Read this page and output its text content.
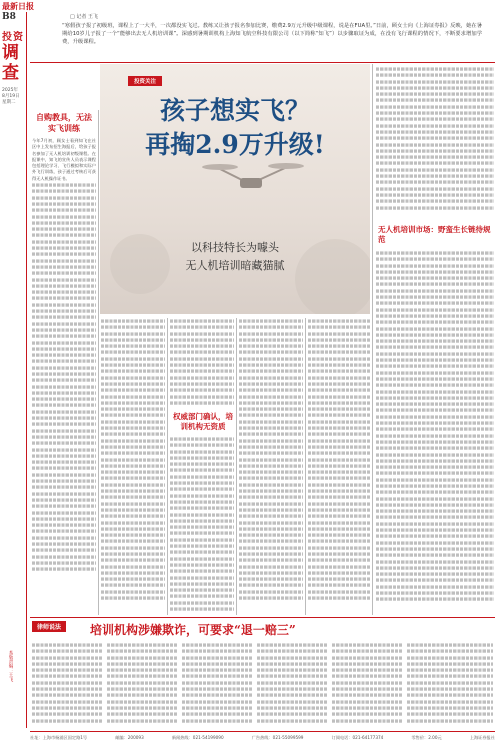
最新日报
B8
投资
调
查
2025年
8月19日
星期二
□ 记者 王飞
“寒假孩子报了初级班，课程上了一大半，一次都没实飞过。教练又让孩子报名参加比赛，缴费2.9万元升级中级课程，说是在FUA里。”日前，顾女士向《上海证券报》反映，她在暑期给10岁儿子报了一个“能够出去无人机培训课”。深感到暑期训机构上海知飞航空科技有限公司（以下简称“知飞”）以步骤取证为成，在没有飞行课程的情况下，不断要求增加学费，升级课程。
自购教具，无法实飞训练
今年7月初，顾女士看到知飞在社区中上发布招生海报后，给孩子报名参加了无人机培训初级课程。在报课中，知飞的宣传人员表示课程包括理论学习、飞行模拟和实际户外飞行训练，孩子通过考核后可获得无人机操作证书。
投资关注
孩子想实飞？
再掏2.9万升级!
以科技特长为噱头
无人机培训暗藏猫腻
权威部门确认，培训机构无资质
无人机培训市场：野蛮生长链待规范
律师说法	培训机构涉嫌欺诈，可要求“退一赔三”
本版责编：王飞
社址：上海市杨浦区国定路1号	邮编：200093	新闻热线：021-54199090	广告热线：021-55099599	订阅电话：021-64177374	零售价：2.00元	上海证券报社
